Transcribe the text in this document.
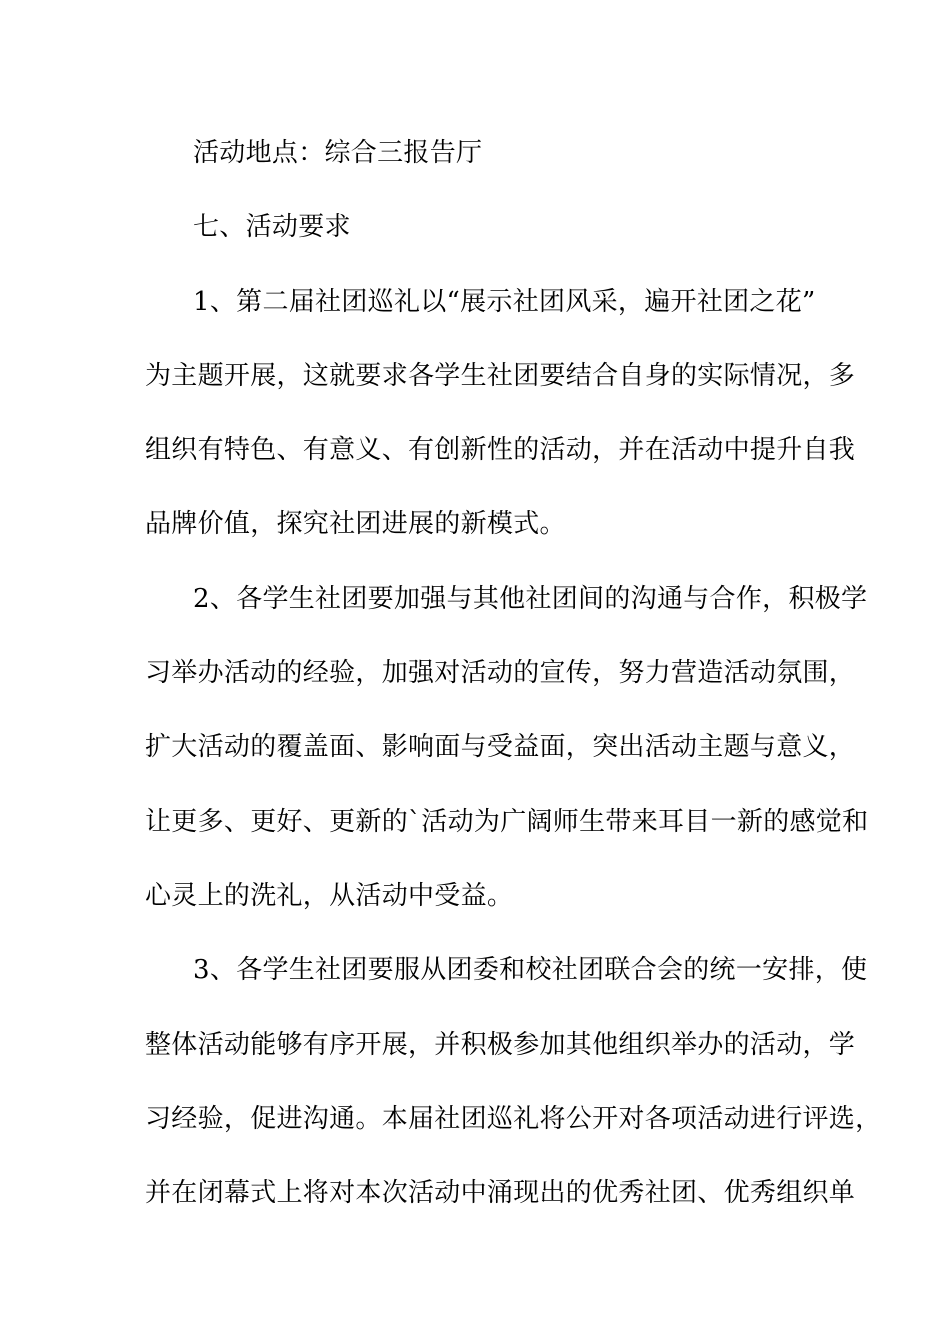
活动地点：综合三报告厅
七、活动要求
1、第二届社团巡礼以“展示社团风采，遍开社团之花”
为主题开展，这就要求各学生社团要结合自身的实际情况，多
组织有特色、有意义、有创新性的活动，并在活动中提升自我
品牌价值，探究社团进展的新模式。
2、各学生社团要加强与其他社团间的沟通与合作，积极学
习举办活动的经验，加强对活动的宣传，努力营造活动氛围，
扩大活动的覆盖面、影响面与受益面，突出活动主题与意义，
让更多、更好、更新的`活动为广阔师生带来耳目一新的感觉和
心灵上的洗礼，从活动中受益。
3、各学生社团要服从团委和校社团联合会的统一安排，使
整体活动能够有序开展，并积极参加其他组织举办的活动，学
习经验，促进沟通。本届社团巡礼将公开对各项活动进行评选，
并在闭幕式上将对本次活动中涌现出的优秀社团、优秀组织单
